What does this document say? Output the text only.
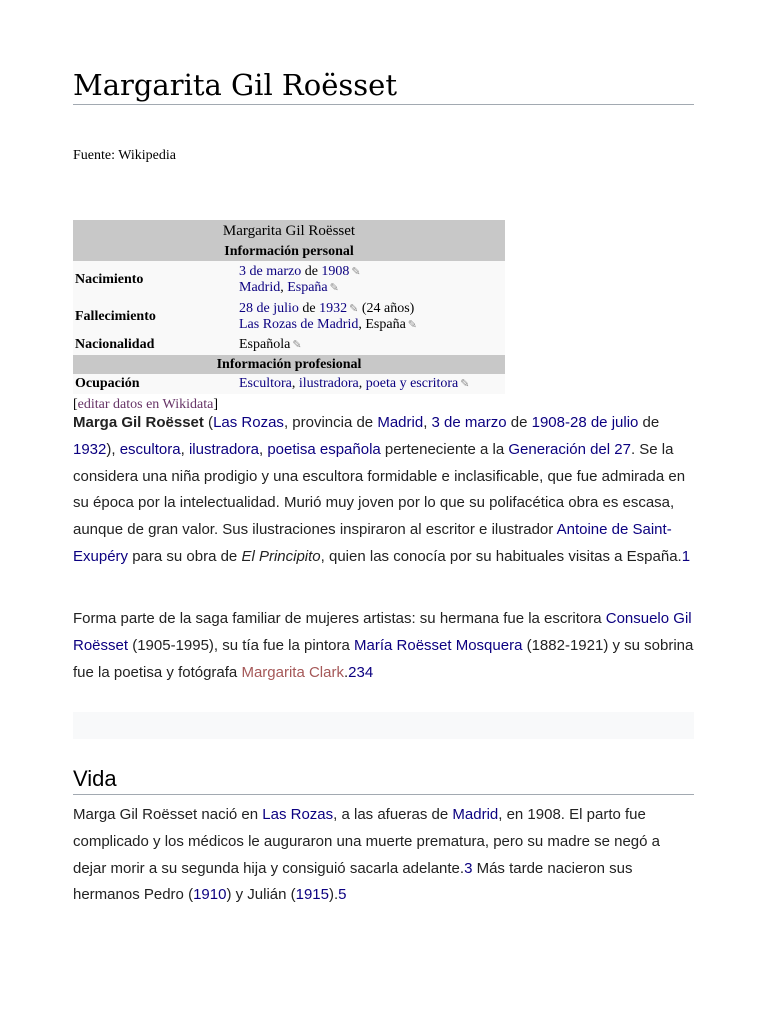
Margarita Gil Roësset
Fuente: Wikipedia
Margarita Gil Roësset	
Información personal	
Nacimiento	3 de marzo de 1908 ✎
Madrid, España ✎
Fallecimiento	28 de julio de 1932 ✎ (24 años)
Las Rozas de Madrid, España ✎
Nacionalidad	Española ✎
Información profesional	
Ocupación	Escultora, ilustradora, poeta y escritora ✎
[editar datos en Wikidata]

Marga Gil Roësset (Las Rozas, provincia de Madrid, 3 de marzo de 1908-28 de julio de 1932), escultora, ilustradora, poetisa española perteneciente a la Generación del 27. Se la considera una niña prodigio y una escultora formidable e inclasificable, que fue admirada en su época por la intelectualidad. Murió muy joven por lo que su polifacética obra es escasa, aunque de gran valor. Sus ilustraciones inspiraron al escritor e ilustrador Antoine de Saint-Exupéry para su obra de El Principito, quien las conocía por su habituales visitas a España.1

Forma parte de la saga familiar de mujeres artistas: su hermana fue la escritora Consuelo Gil Roësset (1905-1995), su tía fue la pintora María Roësset Mosquera (1882-1921) y su sobrina fue la poetisa y fotógrafa Margarita Clark.234

Vida

Marga Gil Roësset nació en Las Rozas, a las afueras de Madrid, en 1908. El parto fue complicado y los médicos le auguraron una muerte prematura, pero su madre se negó a dejar morir a su segunda hija y consiguió sacarla adelante.3 Más tarde nacieron sus hermanos Pedro (1910) y Julián (1915).5
